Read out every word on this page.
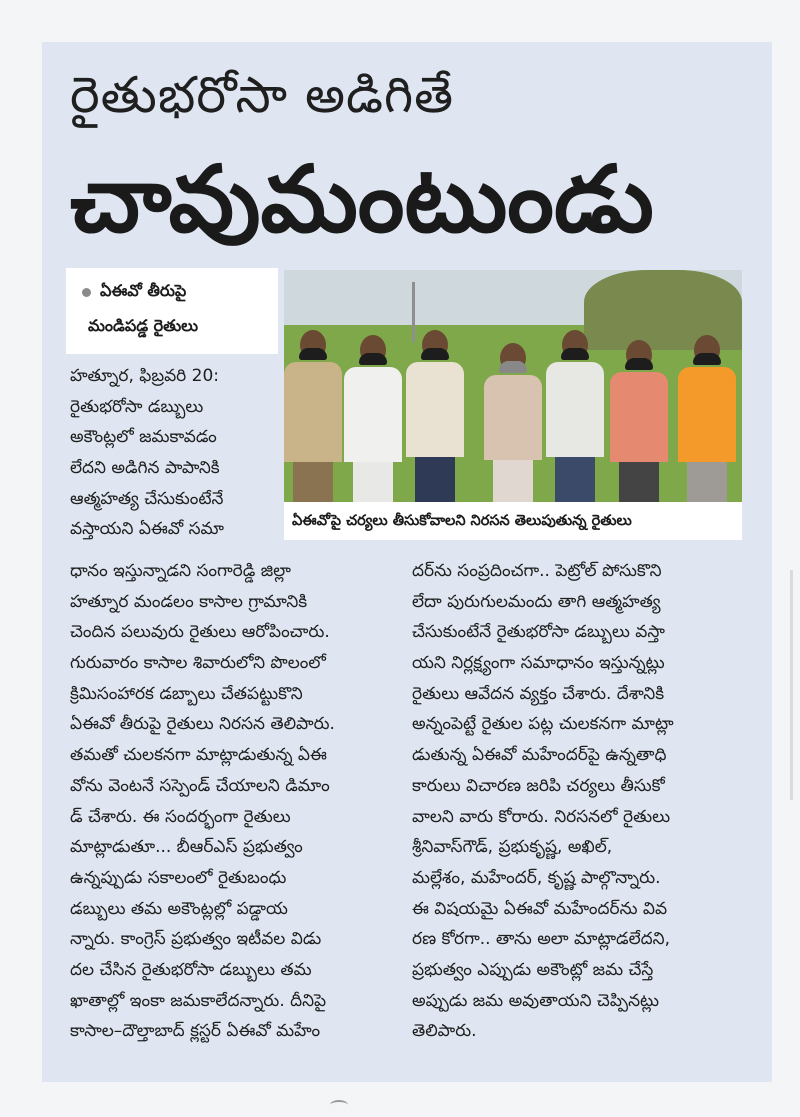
రైతుభరోసా అడిగితే
చావుమంటుండు
ఏఈవో తీరుపై
మండిపడ్డ రైతులు
ఏఈవోపై చర్యలు తీసుకోవాలని నిరసన తెలుపుతున్న రైతులు
హత్నూర, ఫిబ్రవరి 20:
రైతుభరోసా డబ్బులు
అకౌంట్లలో జమకావడం
లేదని అడిగిన పాపానికి
ఆత్మహత్య చేసుకుంటేనే
వస్తాయని ఏఈవో సమా
ధానం ఇస్తున్నాడని సంగారెడ్డి జిల్లా
హత్నూర మండలం కాసాల గ్రామానికి
చెందిన పలువురు రైతులు ఆరోపించారు.
గురువారం కాసాల శివారులోని పొలంలో
క్రిమిసంహారక డబ్బాలు చేతపట్టుకొని
ఏఈవో తీరుపై రైతులు నిరసన తెలిపారు.
తమతో చులకనగా మాట్లాడుతున్న ఏఈ
వోను వెంటనే సస్పెండ్ చేయాలని డిమాం
డ్ చేశారు. ఈ సందర్భంగా రైతులు
మాట్లాడుతూ... బీఆర్ఎస్ ప్రభుత్వం
ఉన్నప్పుడు సకాలంలో రైతుబంధు
డబ్బులు తమ అకౌంట్లల్లో పడ్డాయ
న్నారు. కాంగ్రెస్ ప్రభుత్వం ఇటీవల విడు
దల చేసిన రైతుభరోసా డబ్బులు తమ
ఖాతాల్లో ఇంకా జమకాలేదన్నారు. దీనిపై
కాసాల–దౌల్తాబాద్ క్లస్టర్ ఏఈవో మహేం
దర్‌ను సంప్రదించగా.. పెట్రోల్ పోసుకొని
లేదా పురుగులమందు తాగి ఆత్మహత్య
చేసుకుంటేనే రైతుభరోసా డబ్బులు వస్తా
యని నిర్లక్ష్యంగా సమాధానం ఇస్తున్నట్లు
రైతులు ఆవేదన వ్యక్తం చేశారు. దేశానికి
అన్నంపెట్టే రైతుల పట్ల చులకనగా మాట్లా
డుతున్న ఏఈవో మహేందర్‌పై ఉన్నతాధి
కారులు విచారణ జరిపి చర్యలు తీసుకో
వాలని వారు కోరారు. నిరసనలో రైతులు
శ్రీనివాస్‌గౌడ్, ప్రభుకృష్ణ, అఖిల్,
మల్లేశం, మహేందర్, కృష్ణ పాల్గొన్నారు.
ఈ విషయమై ఏఈవో మహేందర్‌ను వివ
రణ కోరగా.. తాను అలా మాట్లాడలేదని,
ప్రభుత్వం ఎప్పుడు అకౌంట్లో జమ చేస్తే
అప్పుడు జమ అవుతాయని చెప్పినట్లు
తెలిపారు.
